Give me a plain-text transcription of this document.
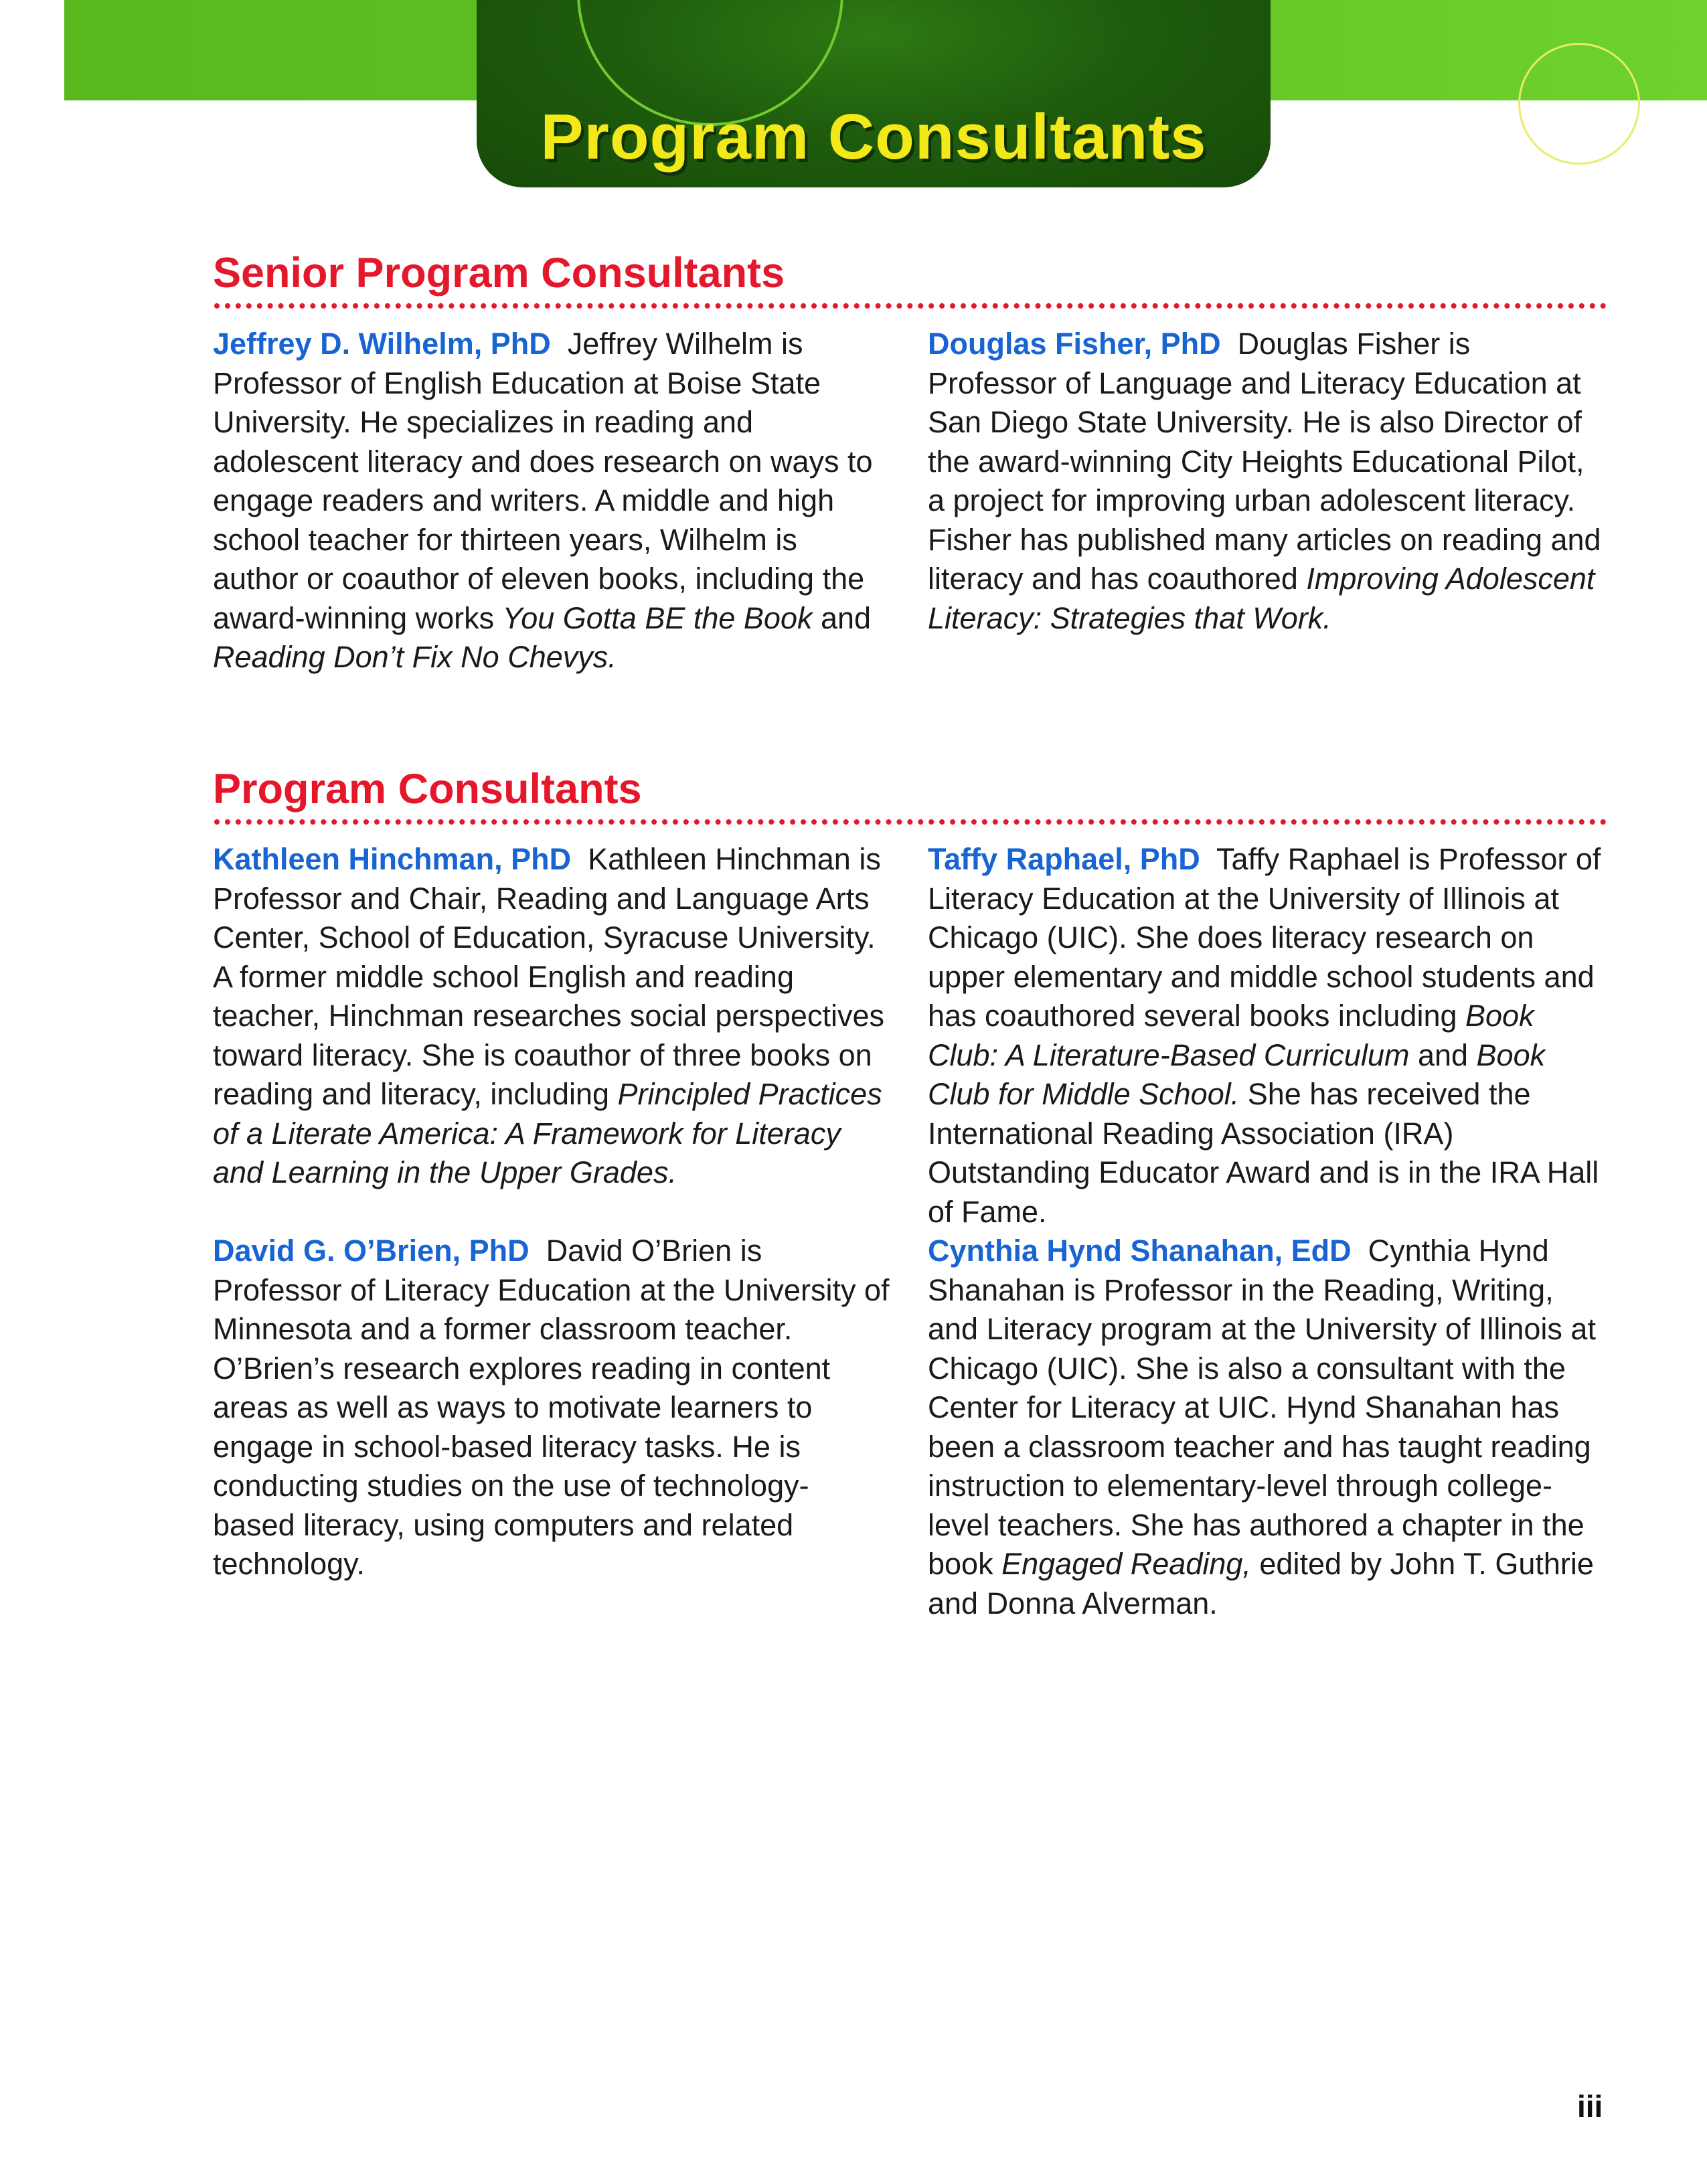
Program Consultants
Senior Program Consultants
Jeffrey D. Wilhelm, PhD Jeffrey Wilhelm is Professor of English Education at Boise State University. He specializes in reading and adolescent literacy and does research on ways to engage readers and writers. A middle and high school teacher for thirteen years, Wilhelm is author or coauthor of eleven books, including the award-winning works You Gotta BE the Book and Reading Don’t Fix No Chevys.
Douglas Fisher, PhD Douglas Fisher is Professor of Language and Literacy Education at San Diego State University. He is also Director of the award-winning City Heights Educational Pilot, a project for improving urban adolescent literacy. Fisher has published many articles on reading and literacy and has coauthored Improving Adolescent Literacy: Strategies that Work.
Program Consultants
Kathleen Hinchman, PhD Kathleen Hinchman is Professor and Chair, Reading and Language Arts Center, School of Education, Syracuse University. A former middle school English and reading teacher, Hinchman researches social perspectives toward literacy. She is coauthor of three books on reading and literacy, including Principled Practices of a Literate America: A Framework for Literacy and Learning in the Upper Grades.
Taffy Raphael, PhD Taffy Raphael is Professor of Literacy Education at the University of Illinois at Chicago (UIC). She does literacy research on upper elementary and middle school students and has coauthored several books including Book Club: A Literature-Based Curriculum and Book Club for Middle School. She has received the International Reading Association (IRA) Outstanding Educator Award and is in the IRA Hall of Fame.
David G. O’Brien, PhD David O’Brien is Professor of Literacy Education at the University of Minnesota and a former classroom teacher. O’Brien’s research explores reading in content areas as well as ways to motivate learners to engage in school-based literacy tasks. He is conducting studies on the use of technology-based literacy, using computers and related technology.
Cynthia Hynd Shanahan, EdD Cynthia Hynd Shanahan is Professor in the Reading, Writing, and Literacy program at the University of Illinois at Chicago (UIC). She is also a consultant with the Center for Literacy at UIC. Hynd Shanahan has been a classroom teacher and has taught reading instruction to elementary-level through college-level teachers. She has authored a chapter in the book Engaged Reading, edited by John T. Guthrie and Donna Alverman.
iii
